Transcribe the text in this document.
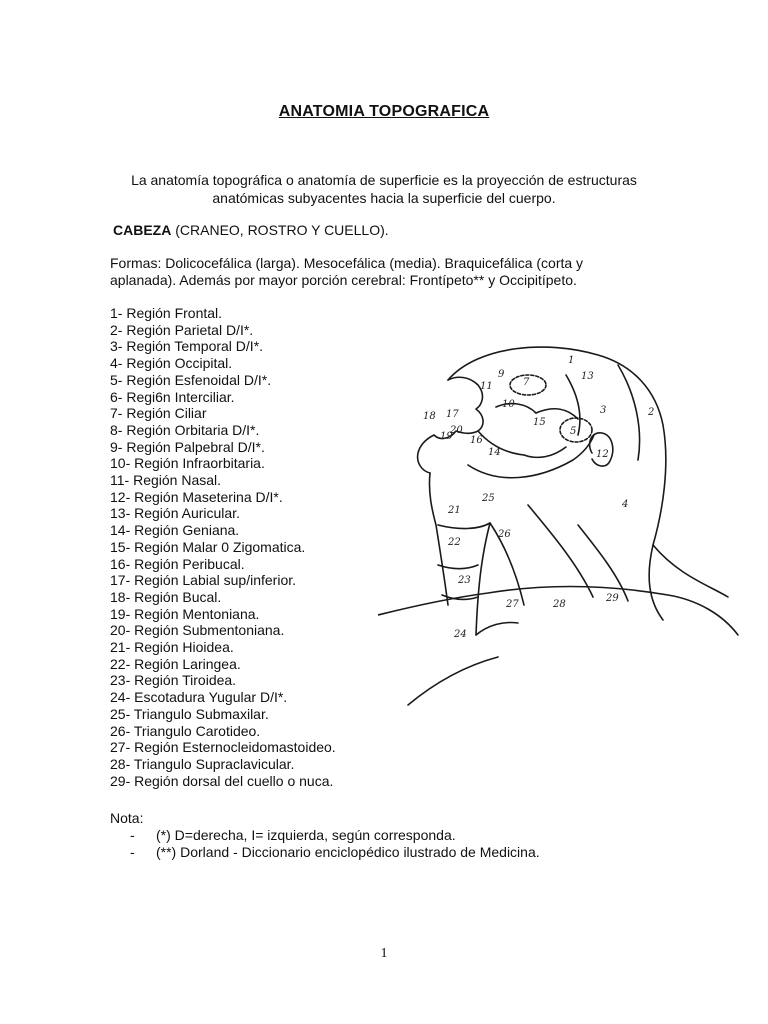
ANATOMIA TOPOGRAFICA
La anatomía topográfica o anatomía de superficie es la proyección de estructuras anatómicas subyacentes hacia la superficie del cuerpo.
CABEZA (CRANEO, ROSTRO Y CUELLO).
Formas: Dolicocefálica (larga). Mesocefálica (media). Braquicefálica (corta y aplanada). Además por mayor porción cerebral: Frontípeto** y Occipitípeto.
1- Región Frontal.
2- Región Parietal D/I*.
3- Región Temporal D/I*.
4- Región Occipital.
5- Región Esfenoidal D/I*.
6- Regi6n Interciliar.
7- Región Ciliar
8- Región Orbitaria D/I*.
9- Región Palpebral D/I*.
10- Región Infraorbitaria.
11- Región Nasal.
12- Región Maseterina D/I*.
13- Región Auricular.
14- Región Geniana.
15- Región Malar 0 Zigomatica.
16- Región Peribucal.
17- Región Labial sup/inferior.
18- Región Bucal.
19- Región Mentoniana.
20- Región Submentoniana.
21- Región Hioidea.
22- Región Laringea.
23- Región Tiroidea.
24- Escotadura Yugular D/I*.
25- Triangulo Submaxilar.
26- Triangulo Carotideo.
27- Región Esternocleidomastoideo.
28- Triangulo Supraclavicular.
29- Región dorsal del cuello o nuca.
1
2
3
4
5
7
9
10
11
12
13
14
15
16
17
18
19
20
21
22
23
24
25
26
27	28
29
Nota:
- (*) D=derecha, I= izquierda, según corresponda.
- (**) Dorland - Diccionario enciclopédico ilustrado de Medicina.
1
